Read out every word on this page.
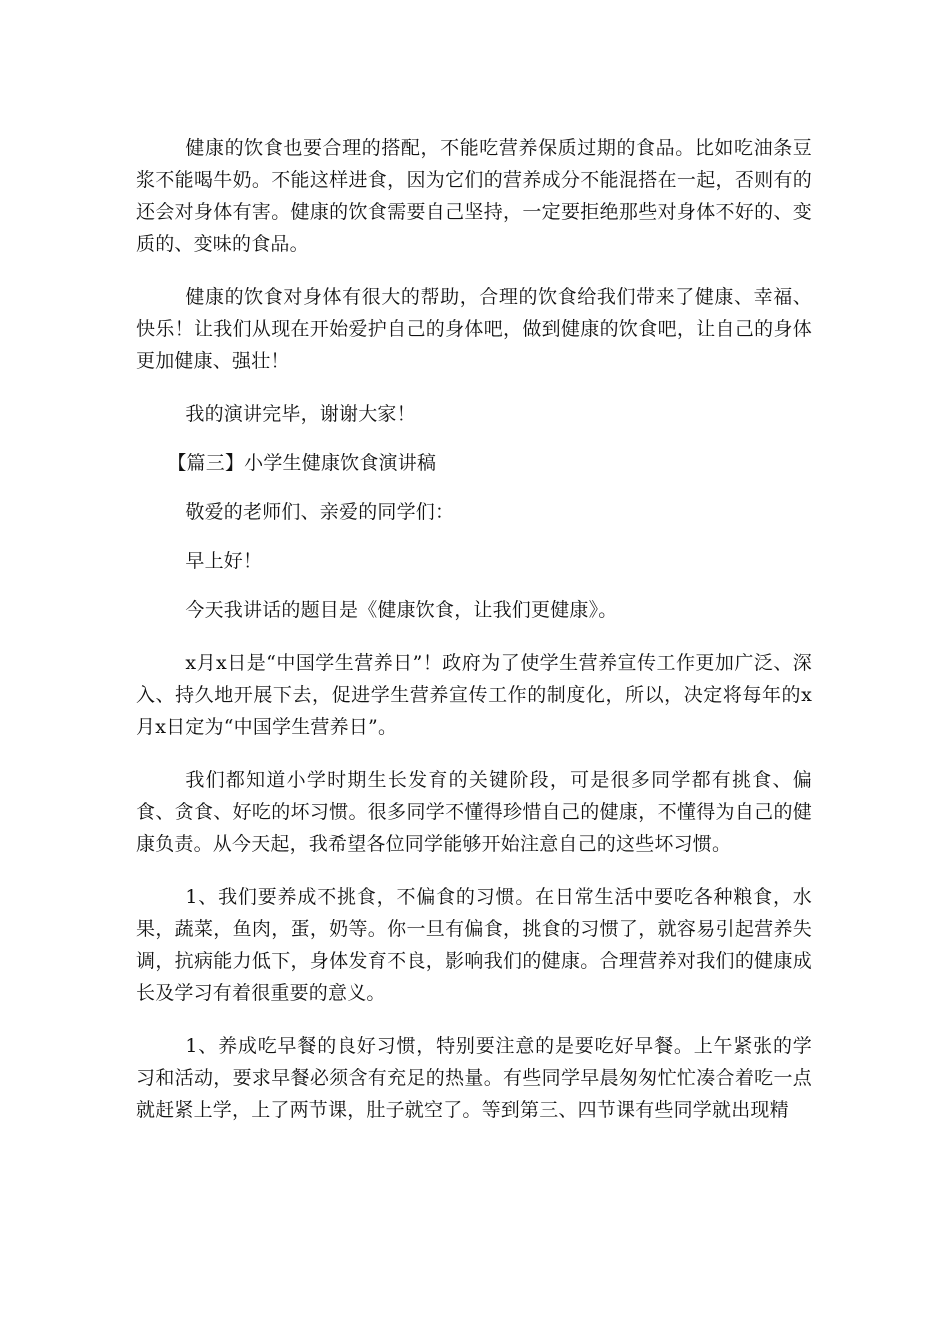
健康的饮食也要合理的搭配，不能吃营养保质过期的食品。比如吃油条豆浆不能喝牛奶。不能这样进食，因为它们的营养成分不能混搭在一起，否则有的还会对身体有害。健康的饮食需要自己坚持，一定要拒绝那些对身体不好的、变质的、变味的食品。

健康的饮食对身体有很大的帮助，合理的饮食给我们带来了健康、幸福、快乐！让我们从现在开始爱护自己的身体吧，做到健康的饮食吧，让自己的身体更加健康、强壮！

我的演讲完毕，谢谢大家！

【篇三】小学生健康饮食演讲稿

敬爱的老师们、亲爱的同学们：

早上好！

今天我讲话的题目是《健康饮食，让我们更健康》。

x月x日是“中国学生营养日”！政府为了使学生营养宣传工作更加广泛、深入、持久地开展下去，促进学生营养宣传工作的制度化，所以，决定将每年的x月x日定为“中国学生营养日”。

我们都知道小学时期生长发育的关键阶段，可是很多同学都有挑食、偏食、贪食、好吃的坏习惯。很多同学不懂得珍惜自己的健康，不懂得为自己的健康负责。从今天起，我希望各位同学能够开始注意自己的这些坏习惯。

1、我们要养成不挑食，不偏食的习惯。在日常生活中要吃各种粮食，水果，蔬菜，鱼肉，蛋，奶等。你一旦有偏食，挑食的习惯了，就容易引起营养失调，抗病能力低下，身体发育不良，影响我们的健康。合理营养对我们的健康成长及学习有着很重要的意义。

1、养成吃早餐的良好习惯，特别要注意的是要吃好早餐。上午紧张的学习和活动，要求早餐必须含有充足的热量。有些同学早晨匆匆忙忙凑合着吃一点就赶紧上学，上了两节课，肚子就空了。等到第三、四节课有些同学就出现精
